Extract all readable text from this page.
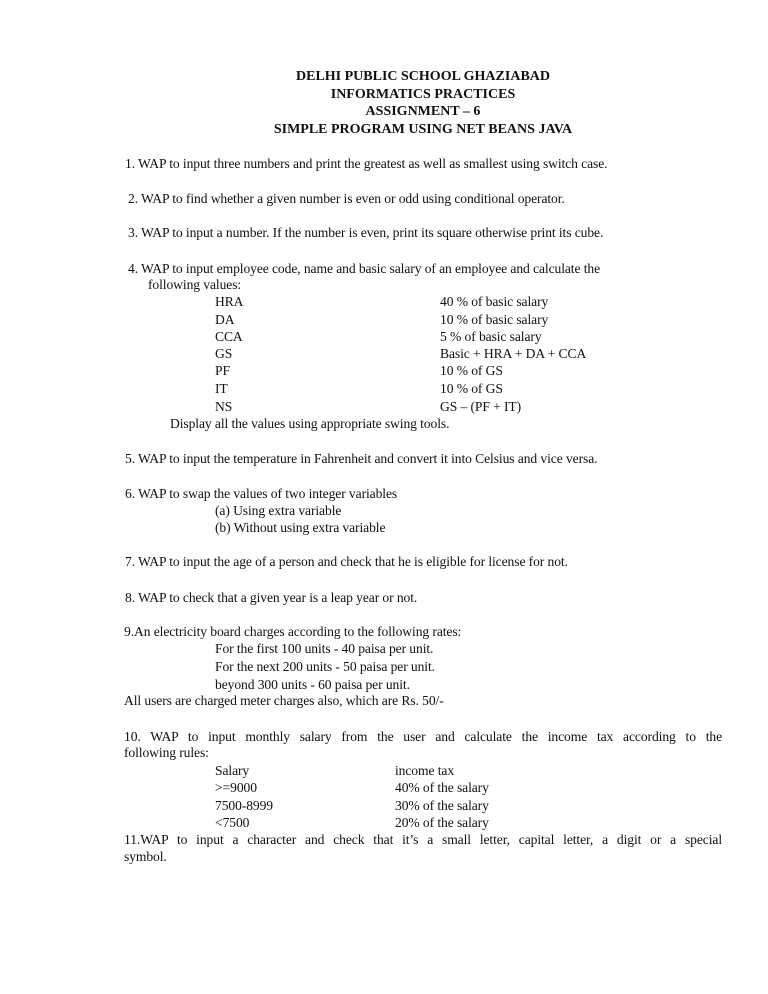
DELHI PUBLIC SCHOOL GHAZIABAD
INFORMATICS PRACTICES
ASSIGNMENT – 6
SIMPLE PROGRAM USING NET BEANS JAVA
1. WAP to input three numbers and print the greatest as well as smallest using switch case.
2. WAP to find whether a given number is even or odd using conditional operator.
3. WAP to input a number. If the number is even, print its square otherwise print its cube.
4. WAP to input employee code, name and basic salary of an employee and calculate the
following values:
HRA	40 % of basic salary
DA	10 % of basic salary
CCA	5 % of basic salary
GS	Basic + HRA + DA + CCA
PF	10 % of GS
IT	10 % of GS
NS	GS – (PF + IT)
Display all the values using appropriate swing tools.
5. WAP to input the temperature in Fahrenheit and convert it into Celsius and vice versa.
6. WAP to swap the values of two integer variables
(a) Using extra variable
(b) Without using extra variable
7. WAP to input the age of a person and check that he is eligible for license for not.
8. WAP to check that a given year is a leap year or not.
9.An electricity board charges according to the following rates:
For the first 100 units - 40 paisa per unit.
For the next 200 units - 50 paisa per unit.
beyond 300 units - 60 paisa per unit.
All users are charged meter charges also, which are Rs. 50/-
10. WAP to input monthly salary from the user and calculate the income tax according to the
following rules:
Salary	income tax
>=9000	40% of the salary
7500-8999	30% of the salary
<7500	20% of the salary
11.WAP to input a character and check that it’s a small letter, capital letter, a digit or a special
symbol.
